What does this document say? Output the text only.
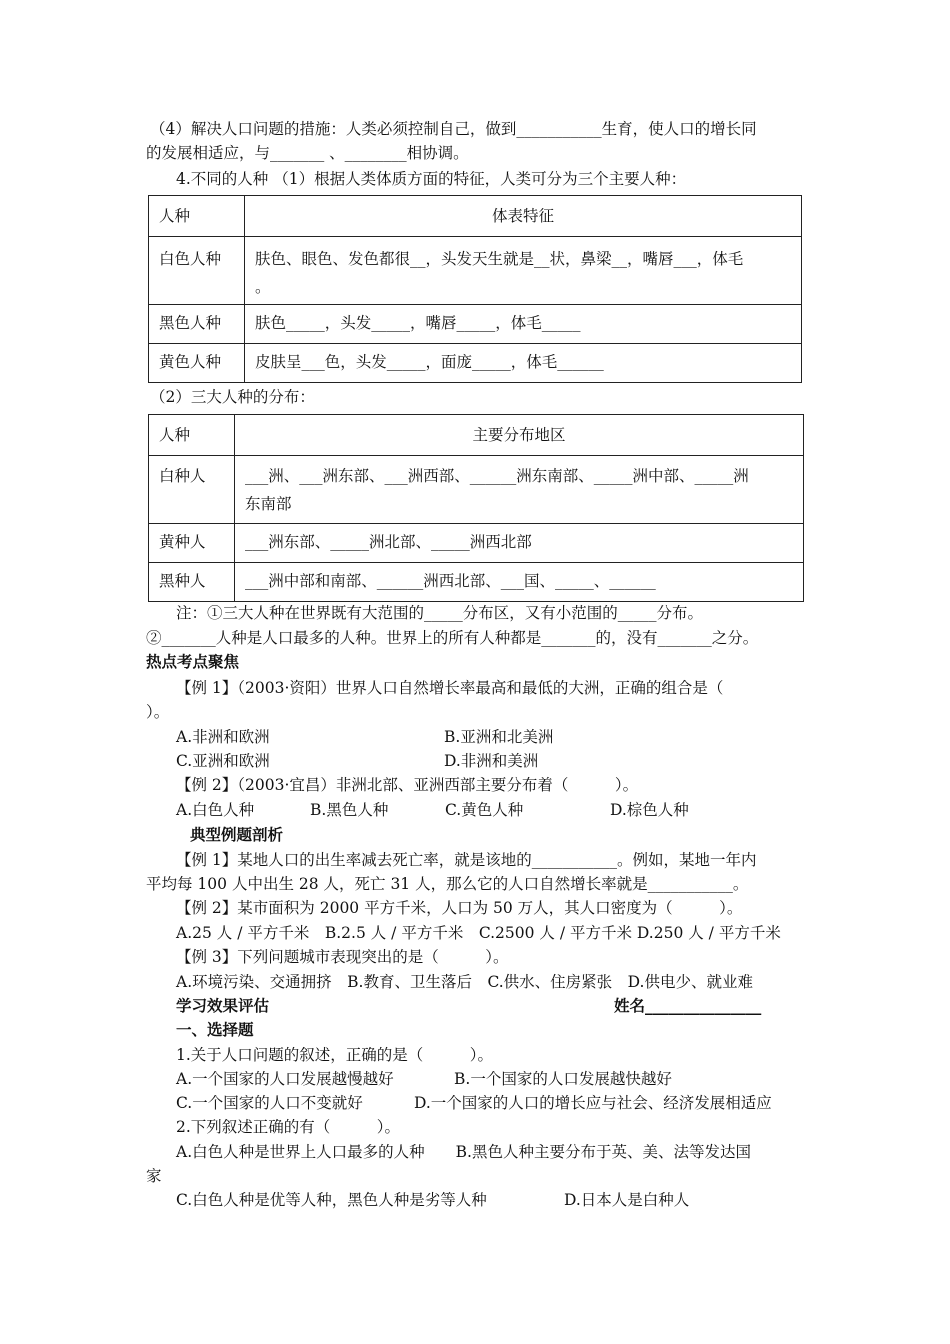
（4）解决人口问题的措施：人类必须控制自己，做到___________生育，使人口的增长同
的发展相适应，与_______ 、________相协调。
4.不同的人种 （1）根据人类体质方面的特征，人类可分为三个主要人种：
人种	体表特征
白色人种	肤色、眼色、发色都很__，头发天生就是__状，鼻梁__，嘴唇___，体毛
。

黑色人种	肤色_____，头发_____，嘴唇_____，体毛_____
黄色人种	皮肤呈___色，头发_____，面庞_____，体毛______
（2）三大人种的分布：
人种	主要分布地区
白种人	___洲、___洲东部、___洲西部、______洲东南部、_____洲中部、_____洲
东南部

黄种人	___洲东部、_____洲北部、_____洲西北部
黑种人	___洲中部和南部、______洲西北部、___国、_____、______
注：①三大人种在世界既有大范围的_____分布区，又有小范围的_____分布。
②_______人种是人口最多的人种。世界上的所有人种都是_______的，没有_______之分。
热点考点聚焦
【例 1】（2003·资阳）世界人口自然增长率最高和最低的大洲，正确的组合是（
）。
A.非洲和欧洲	B.亚洲和北美洲
C.亚洲和欧洲	D.非洲和美洲
【例 2】（2003·宜昌）非洲北部、亚洲西部主要分布着（　　　）。
A.白色人种	B.黑色人种	C.黄色人种	D.棕色人种
典型例题剖析
【例 1】某地人口的出生率减去死亡率，就是该地的___________。例如，某地一年内
平均每 100 人中出生 28 人，死亡 31 人，那么它的人口自然增长率就是___________。
【例 2】某市面积为 2000 平方千米，人口为 50 万人，其人口密度为（　　　）。
A.25 人 / 平方千米　B.2.5 人 / 平方千米　C.2500 人 / 平方千米 D.250 人 / 平方千米
【例 3】下列问题城市表现突出的是（　　　）。
A.环境污染、交通拥挤　B.教育、卫生落后　C.供水、住房紧张　D.供电少、就业难
学习效果评估	姓名_______________
一、选择题
1.关于人口问题的叙述，正确的是（　　　）。
A.一个国家的人口发展越慢越好	B.一个国家的人口发展越快越好
C.一个国家的人口不变就好	D.一个国家的人口的增长应与社会、经济发展相适应
2.下列叙述正确的有（　　　）。
A.白色人种是世界上人口最多的人种　　B.黑色人种主要分布于英、美、法等发达国
家
C.白色人种是优等人种，黑色人种是劣等人种	D.日本人是白种人
